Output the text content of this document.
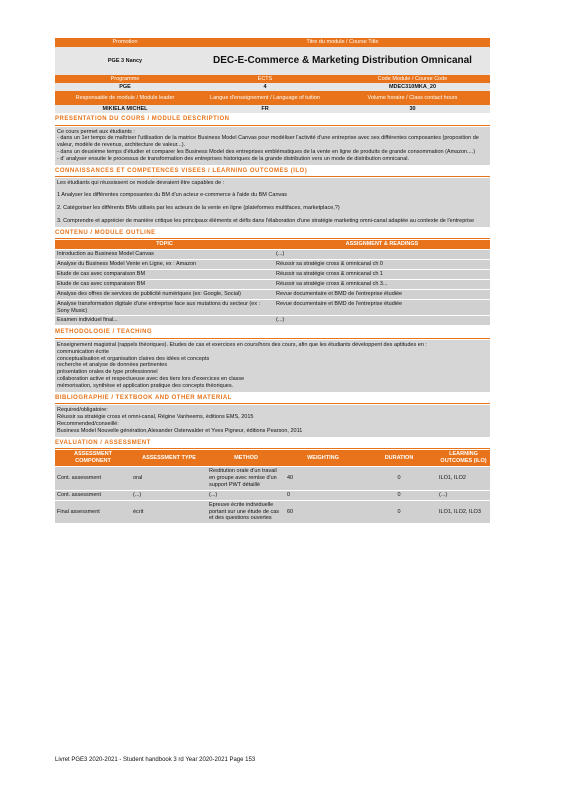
Promotion	Titre du module / Course Title
PGE 3 Nancy	DEC-E-Commerce & Marketing Distribution Omnicanal
Programme	ECTS	Code Module / Course Code
PGE	4	MDEC310MKA_20
Responsable de module / Module leader	Langue d'enseignement / Language of tuition	Volume horaire / Class contact hours
MIKIELA MICHEL	FR	30
PRESENTATION DU COURS / MODULE DESCRIPTION

Ce cours permet aux étudiants :

- dans un 1er temps de maîtriser l'utilisation de la matrice Business Model Canvas pour modéliser l'activité d'une entreprise avec ses différentes composantes (proposition de valeur, modèle de revenus, architecture de valeur...).

- dans un deuxième temps d'étudier et comparer les Business Model des entreprises emblématiques de la vente en ligne de produits de grande consommation (Amazon....)

- d' analyser ensuite le processus de transformation des entreprises historiques de la grande distribution vers un mode de distribution omnicanal.

CONNAISSANCES ET COMPETENCES VISEES / LEARNING OUTCOMES (ILO)

Les étudiants qui réussissent ce module devraient être capables de :

1 Analyser les différentes composantes du BM d'un acteur e-commerce à l'aide du BM Canvas

2. Catégoriser les différents BMs utilisés par les acteurs de la vente en ligne (plateformes multifaces, marketplace,?)

3. Comprendre et apprécier de manière critique les principaux éléments et défis dans l'élaboration d'une stratégie marketing omni-canal adaptée au contexte de l'entreprise

CONTENU / MODULE OUTLINE
TOPIC	ASSIGNMENT & READINGS
Introduction au Business Model Canvas	(...)
Analyse du Business Model Vente en Ligne, ex : Amazon	Réussir sa stratégie cross & omnicanal ch 0
Etude de cas avec comparaison BM	Réussir sa stratégie cross & omnicanal ch 1
Etude de cas avec comparaison BM	Réussir sa stratégie cross & omnicanal ch 3...
Analyse des offres de services de publicité numériques (ex: Google, Social)	Revue documentaire et BMD de l'entreprise étudiée
Analyse transformation digitale d'une entreprise face aux mutations du secteur (ex : Sony Music)	Revue documentaire et BMD de l'entreprise étudiée
Examen individuel final...	(...)
METHODOLOGIE / TEACHING

Enseignement magistral (rappels théoriques). Etudes de cas et exercices en cours/hors des cours, afin que les étudiants développent des aptitudes en :

communication écrite

conceptualisation et organisation claires des idées et concepts

recherche et analyse de données pertinentes

présentation orales de type professionnel

collaboration active et respectueuse avec des tiers lors d'exercices en classe

mémorisation, synthèse et application pratique des concepts théoriques.

BIBLIOGRAPHIE / TEXTBOOK AND OTHER MATERIAL

Required/obligatoire:

Réussir sa stratégie cross et omni-canal, Régine Vanheems, éditions EMS, 2015

Recommended/conseillé:

Business Model Nouvelle génération,Alexander Osterwalder et Yves Pigneur, éditions Pearson, 2011

EVALUATION / ASSESSMENT
ASSESSMENT COMPONENT	ASSESSMENT TYPE	METHOD	WEIGHTING	DURATION	LEARNING OUTCOMES (ILO)
Cont. assessment	oral	Restitution orale d'un travail en groupe avec remise d'un support PWT détaillé	40	0	ILO1, ILO2
Cont. assessment	(...)	(...)	0	0	(...)
Final assessment	écrit	Epreuve écrite individuelle portant sur une étude de cas et des questions ouvertes	60	0	ILO1, ILO2, ILO3
Livret PGE3 2020-2021 - Student handbook 3 rd Year 2020-2021 Page 153
